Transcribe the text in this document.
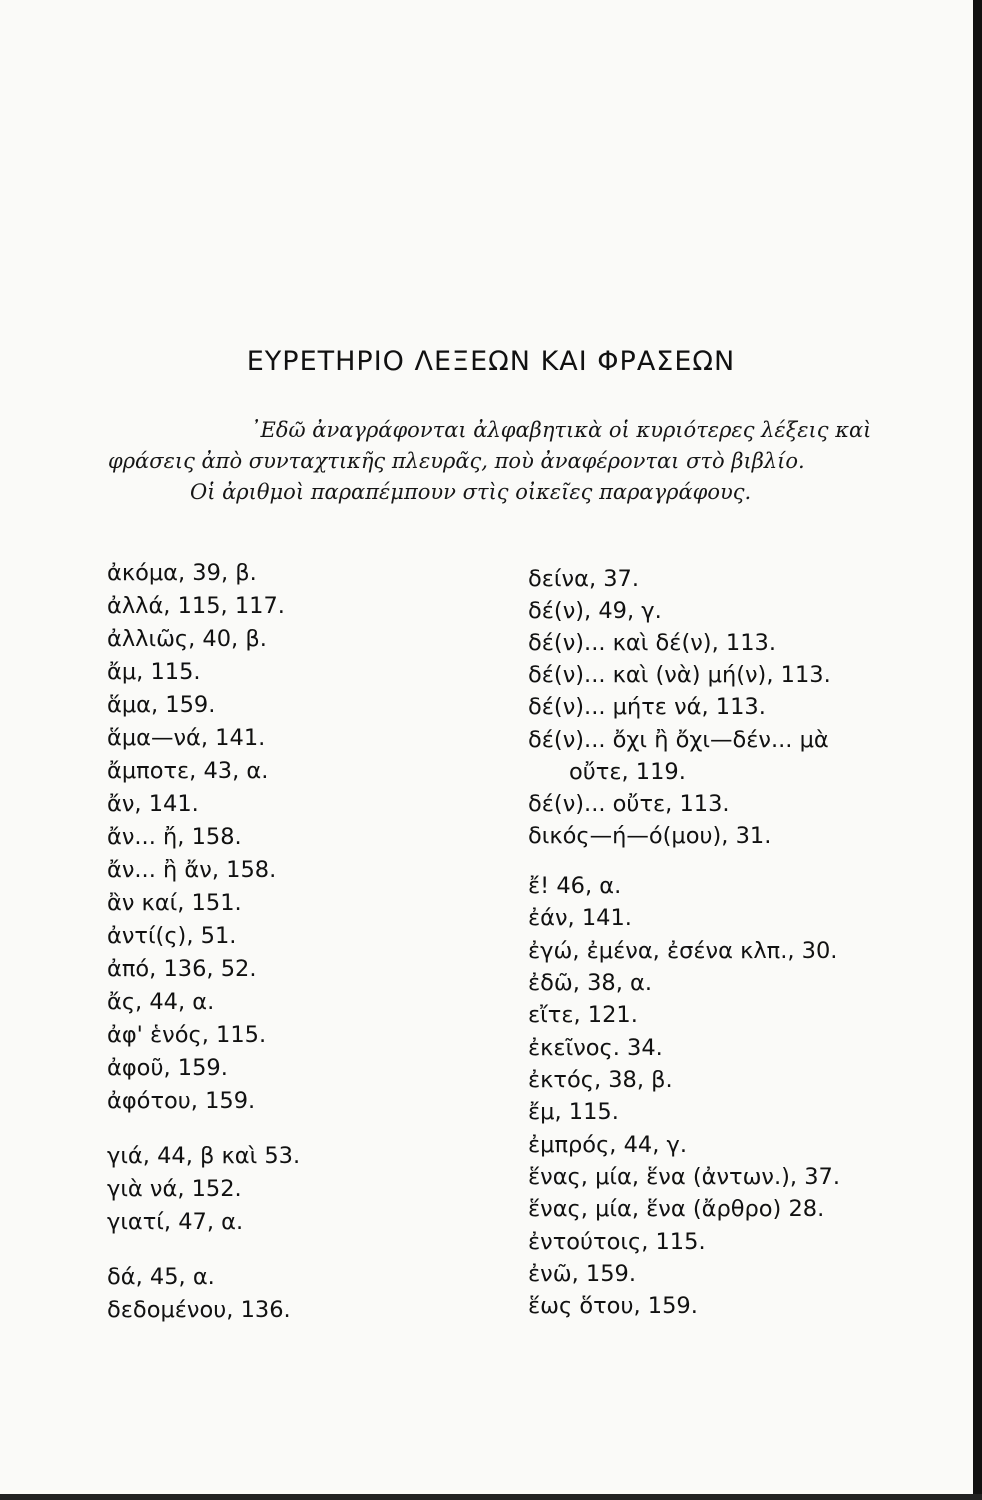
ΕΥΡΕΤΗΡΙΟ ΛΕΞΕΩΝ ΚΑΙ ΦΡΑΣΕΩΝ
᾿Εδῶ ἀναγράφονται ἀλφαβητικὰ οἱ κυριότερες λέξεις καὶ
φράσεις ἀπὸ συνταχτικῆς πλευρᾶς, ποὺ ἀναφέρονται στὸ βιβλίο.
Οἱ ἀριθμοὶ παραπέμπουν στὶς οἰκεῖες παραγράφους.
ἀκόμα, 39, β.
ἀλλά, 115, 117.
ἀλλιῶς, 40, β.
ἄμ, 115.
ἅμα, 159.
ἅμα—νά, 141.
ἄμποτε, 43, α.
ἄν, 141.
ἄν... ἤ, 158.
ἄν... ἢ ἄν, 158.
ἂν καί, 151.
ἀντί(ς), 51.
ἀπό, 136, 52.
ἄς, 44, α.
ἀφ' ἑνός, 115.
ἀφοῦ, 159.
ἀφότου, 159.
γιά, 44, β καὶ 53.
γιὰ νά, 152.
γιατί, 47, α.
δά, 45, α.
δεδομένου, 136.
δείνα, 37.
δέ(ν), 49, γ.
δέ(ν)... καὶ δέ(ν), 113.
δέ(ν)... καὶ (νὰ) μή(ν), 113.
δέ(ν)... μήτε νά, 113.
δέ(ν)... ὄχι ἢ ὄχι—δέν... μὰ
οὔτε, 119.
δέ(ν)... οὔτε, 113.
δικός—ή—ό(μου), 31.
ἔ! 46, α.
ἐάν, 141.
ἐγώ, ἐμένα, ἐσένα κλπ., 30.
ἐδῶ, 38, α.
εἴτε, 121.
ἐκεῖνος. 34.
ἐκτός, 38, β.
ἔμ, 115.
ἐμπρός, 44, γ.
ἕνας, μία, ἕνα (ἀντων.), 37.
ἕνας, μία, ἕνα (ἄρθρο) 28.
ἐντούτοις, 115.
ἐνῶ, 159.
ἕως ὅτου, 159.
